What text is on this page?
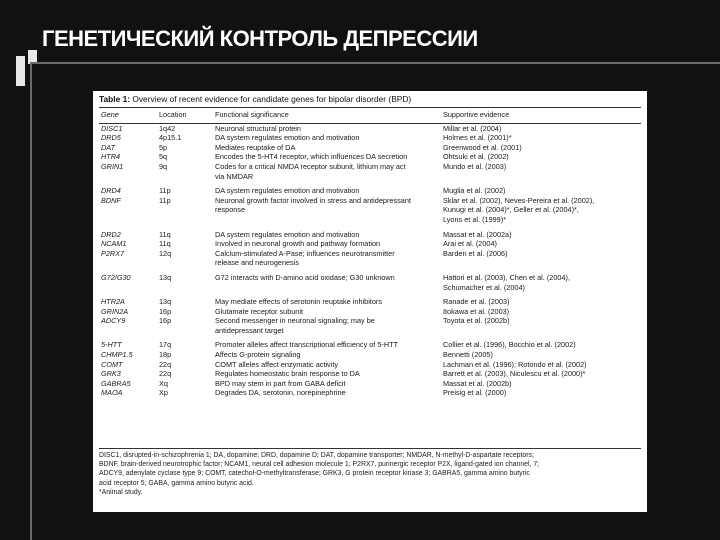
ГЕНЕТИЧЕСКИЙ КОНТРОЛЬ ДЕПРЕССИИ
Table 1: Overview of recent evidence for candidate genes for bipolar disorder (BPD)
Gene	Location	Functional significance	Supportive evidence
DISC1	1q42	Neuronal structural protein	Millar et al. (2004)
DRD5	4p15.1	DA system regulates emotion and motivation	Holmes et al. (2001)*
DAT	5p	Mediates reuptake of DA	Greenwood et al. (2001)
HTR4	5q	Encodes the 5-HT4 receptor, which influences DA secretion	Ohtsuki et al. (2002)
GRIN1	9q	Codes for a critical NMDA receptor subunit, lithium may act	Mundo et al. (2003)
		via NMDAR	
DRD4	11p	DA system regulates emotion and motivation	Muglia et al. (2002)
BDNF	11p	Neuronal growth factor involved in stress and antidepressant	Sklar et al. (2002), Neves-Pereira et al. (2002),
		response	Kunugi et al. (2004)*, Geller et al. (2004)*,
			Lyons et al. (1999)*
DRD2	11q	DA system regulates emotion and motivation	Massat et al. (2002a)
NCAM1	11q	Involved in neuronal growth and pathway formation	Arai et al. (2004)
P2RX7	12q	Calcium-stimulated A-Pase; influences neurotransmitter	Barden et al. (2006)
		release and neurogenesis	
G72/G30	13q	G72 interacts with D-amino acid oxidase; G30 unknown	Hattori et al. (2003), Chen et al. (2004),
			Schumacher et al. (2004)
HTR2A	13q	May mediate effects of serotonin reuptake inhibitors	Ranade et al. (2003)
GRIN2A	16p	Glutamate receptor subunit	Itokawa et al. (2003)
ADCY9	16p	Second messenger in neuronal signaling; may be	Toyota et al. (2002b)
		antidepressant target	
5-HTT	17q	Promoter alleles affect transcriptional efficiency of 5-HTT	Collier et al. (1996), Bocchio et al. (2002)
CHMP1.5	18p	Affects G-protein signaling	Bennetti (2005)
COMT	22q	COMT alleles affect enzymatic activity	Lachman et al. (1996); Rotondo et al. (2002)
GRK3	22q	Regulates homeostatic brain response to DA	Barrett et al. (2003), Niculescu et al. (2000)*
GABRA5	Xq	BPD may stem in part from GABA deficit	Massat et al. (2002b)
MAOA	Xp	Degrades DA, serotonin, norepinephrine	Preisig et al. (2000)
DISC1, disrupted-in-schizophrenia 1; DA, dopamine; DRD, dopamine D; DAT, dopamine transporter; NMDAR, N-methyl-D-aspartate receptors;
BDNF, brain-derived neurotrophic factor; NCAM1, neural cell adhesion molecule 1; P2RX7, purinergic receptor P2X, ligand-gated ion channel, 7;
ADCY9, adenylate cyclase type 9; COMT, catechol-O-methyltransferase; GRK3, G protein receptor kinase 3; GABRA5, gamma amino butyric
acid receptor 5; GABA, gamma amino butyric acid.
*Animal study.
